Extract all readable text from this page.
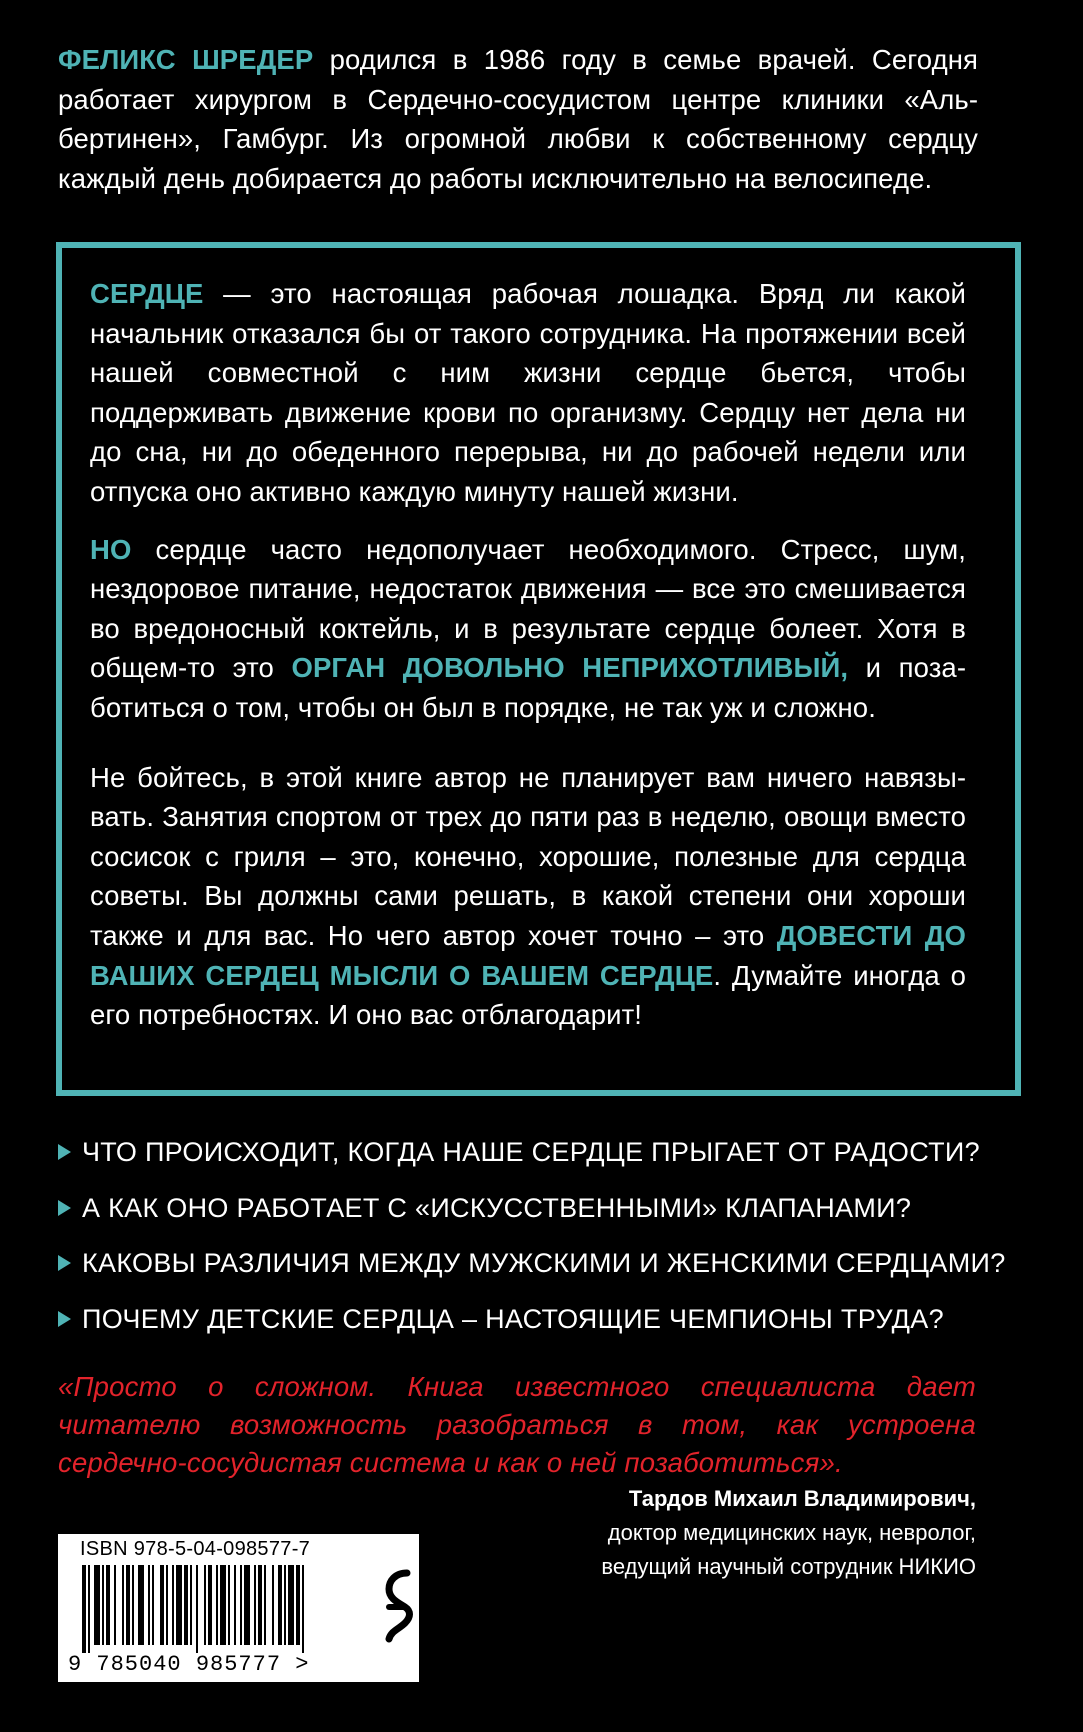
ФЕЛИКС ШРЕДЕР родился в 1986 году в семье врачей. Сегодня работает хирургом в Сердечно-сосудистом центре клиники «Альбертинен», Гамбург. Из огромной любви к собственному сердцу каждый день добирается до работы исключительно на велосипеде.

СЕРДЦЕ — это настоящая рабочая лошадка. Вряд ли какой начальник отказался бы от такого сотрудника. На протяжении всей нашей совместной с ним жизни сердце бьется, чтобы поддерживать движение крови по организму. Сердцу нет дела ни до сна, ни до обеденного перерыва, ни до рабочей недели или отпуска оно активно каждую минуту нашей жизни.

НО сердце часто недополучает необходимого. Стресс, шум, нездоровое питание, недостаток движения — все это смешивается во вредоносный коктейль, и в результате сердце болеет. Хотя в общем-то это ОРГАН ДОВОЛЬНО НЕПРИХОТЛИВЫЙ, и позаботиться о том, чтобы он был в порядке, не так уж и сложно.

Не бойтесь, в этой книге автор не планирует вам ничего навязывать. Занятия спортом от трех до пяти раз в неделю, овощи вместо сосисок с гриля – это, конечно, хорошие, полезные для сердца советы. Вы должны сами решать, в какой степени они хороши также и для вас. Но чего автор хочет точно – это ДОВЕСТИ ДО ВАШИХ СЕРДЕЦ МЫСЛИ О ВАШЕМ СЕРДЦЕ. Думайте иногда о его потребностях. И оно вас отблагодарит!

ЧТО ПРОИСХОДИТ, КОГДА НАШЕ СЕРДЦЕ ПРЫГАЕТ ОТ РАДОСТИ?
А КАК ОНО РАБОТАЕТ С «ИСКУССТВЕННЫМИ» КЛАПАНАМИ?
КАКОВЫ РАЗЛИЧИЯ МЕЖДУ МУЖСКИМИ И ЖЕНСКИМИ СЕРДЦАМИ?
ПОЧЕМУ ДЕТСКИЕ СЕРДЦА – НАСТОЯЩИЕ ЧЕМПИОНЫ ТРУДА?
«Просто о сложном. Книга известного специалиста дает читателю возможность разобраться в том, как устроена сердечно-сосудистая система и как о ней позаботиться».
Тардов Михаил Владимирович,
доктор медицинских наук, невролог,
ведущий научный сотрудник НИКИО
ISBN 978-5-04-098577-7
9 785040 985777 >
